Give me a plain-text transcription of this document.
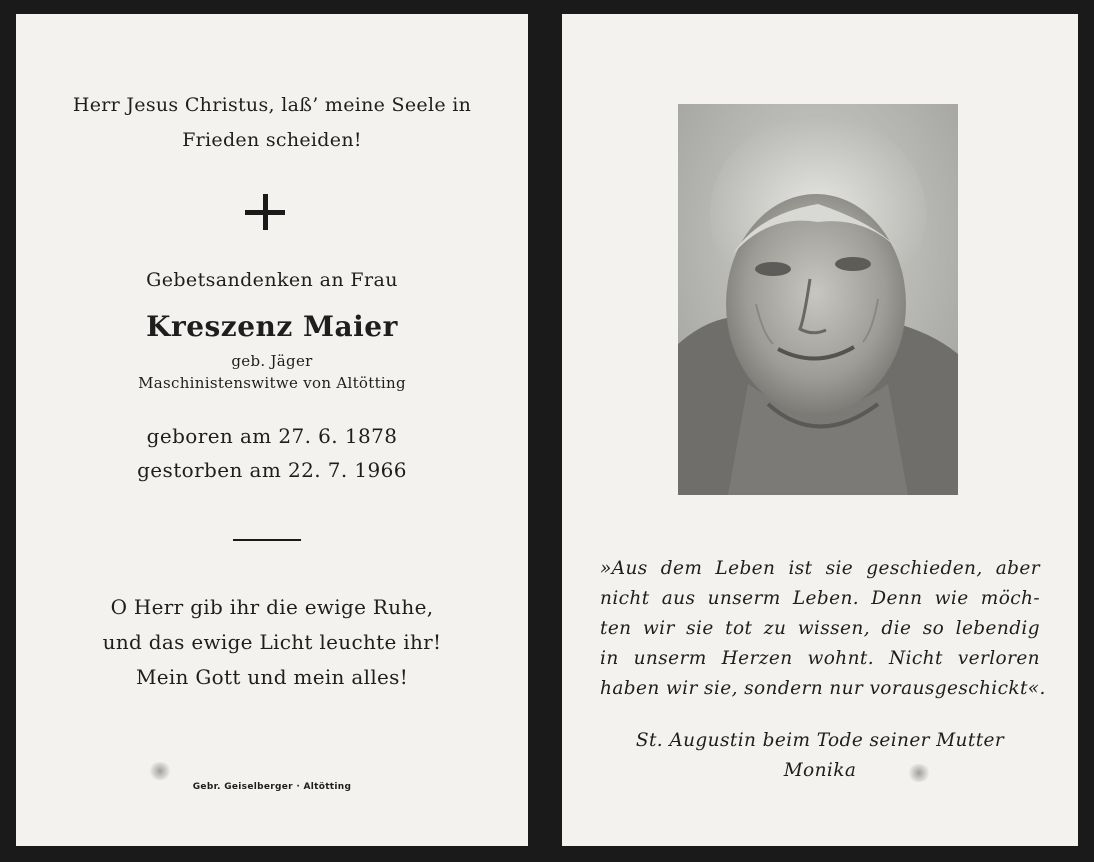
Herr Jesus Christus, laß’ meine Seele in
Frieden scheiden!
Gebetsandenken an Frau
Kreszenz Maier
geb. Jäger
Maschinistenswitwe von Altötting
geboren am 27. 6. 1878
gestorben am 22. 7. 1966
O Herr gib ihr die ewige Ruhe,
und das ewige Licht leuchte ihr!
Mein Gott und mein alles!
Gebr. Geiselberger · Altötting
»Aus dem Leben ist sie geschieden, aber
nicht aus unserm Leben. Denn wie möch-
ten wir sie tot zu wissen, die so lebendig
in unserm Herzen wohnt. Nicht verloren
haben wir sie, sondern nur vorausgeschickt«.
St. Augustin beim Tode seiner Mutter
Monika
